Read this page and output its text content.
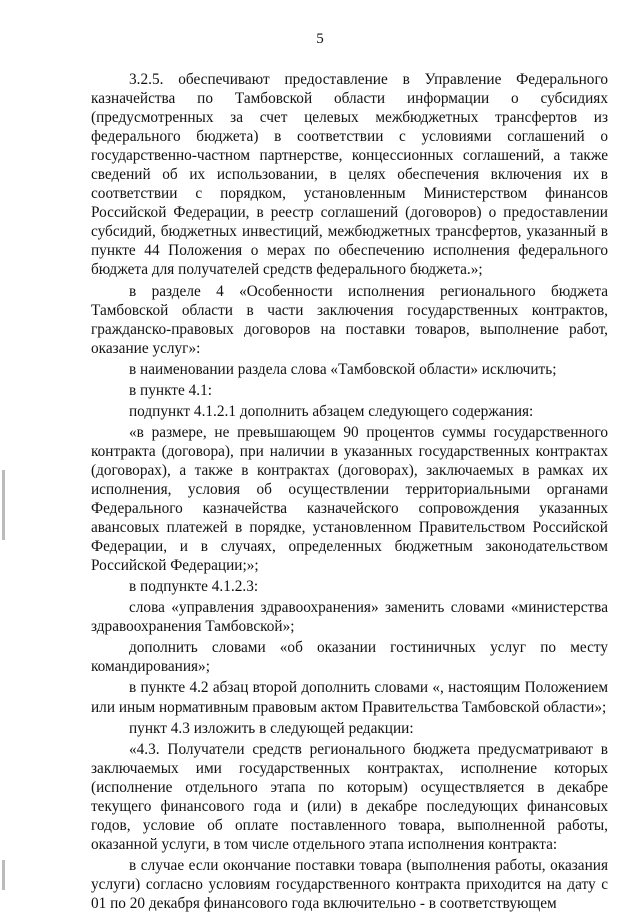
5

3.2.5. обеспечивают предоставление в Управление Федерального казначейства по Тамбовской области информации о субсидиях (предусмотренных за счет целевых межбюджетных трансфертов из федерального бюджета) в соответствии с условиями соглашений о государственно-частном партнерстве, концессионных соглашений, а также сведений об их использовании, в целях обеспечения включения их в соответствии с порядком, установленным Министерством финансов Российской Федерации, в реестр соглашений (договоров) о предоставлении субсидий, бюджетных инвестиций, межбюджетных трансфертов, указанный в пункте 44 Положения о мерах по обеспечению исполнения федерального бюджета для получателей средств федерального бюджета.»;

в разделе 4 «Особенности исполнения регионального бюджета Тамбовской области в части заключения государственных контрактов, гражданско-правовых договоров на поставки товаров, выполнение работ, оказание услуг»:

в наименовании раздела слова «Тамбовской области» исключить;

в пункте 4.1:

подпункт 4.1.2.1 дополнить абзацем следующего содержания:

«в размере, не превышающем 90 процентов суммы государственного контракта (договора), при наличии в указанных государственных контрактах (договорах), а также в контрактах (договорах), заключаемых в рамках их исполнения, условия об осуществлении территориальными органами Федерального казначейства казначейского сопровождения указанных авансовых платежей в порядке, установленном Правительством Российской Федерации, и в случаях, определенных бюджетным законодательством Российской Федерации;»;

в подпункте 4.1.2.3:

слова «управления здравоохранения» заменить словами «министерства здравоохранения Тамбовской»;

дополнить словами «об оказании гостиничных услуг по месту командирования»;

в пункте 4.2 абзац второй дополнить словами «, настоящим Положением или иным нормативным правовым актом Правительства Тамбовской области»;

пункт 4.3 изложить в следующей редакции:

«4.3. Получатели средств регионального бюджета предусматривают в заключаемых ими государственных контрактах, исполнение которых (исполнение отдельного этапа по которым) осуществляется в декабре текущего финансового года и (или) в декабре последующих финансовых годов, условие об оплате поставленного товара, выполненной работы, оказанной услуги, в том числе отдельного этапа исполнения контракта:

в случае если окончание поставки товара (выполнения работы, оказания услуги) согласно условиям государственного контракта приходится на дату с 01 по 20 декабря финансового года включительно - в соответствующем
